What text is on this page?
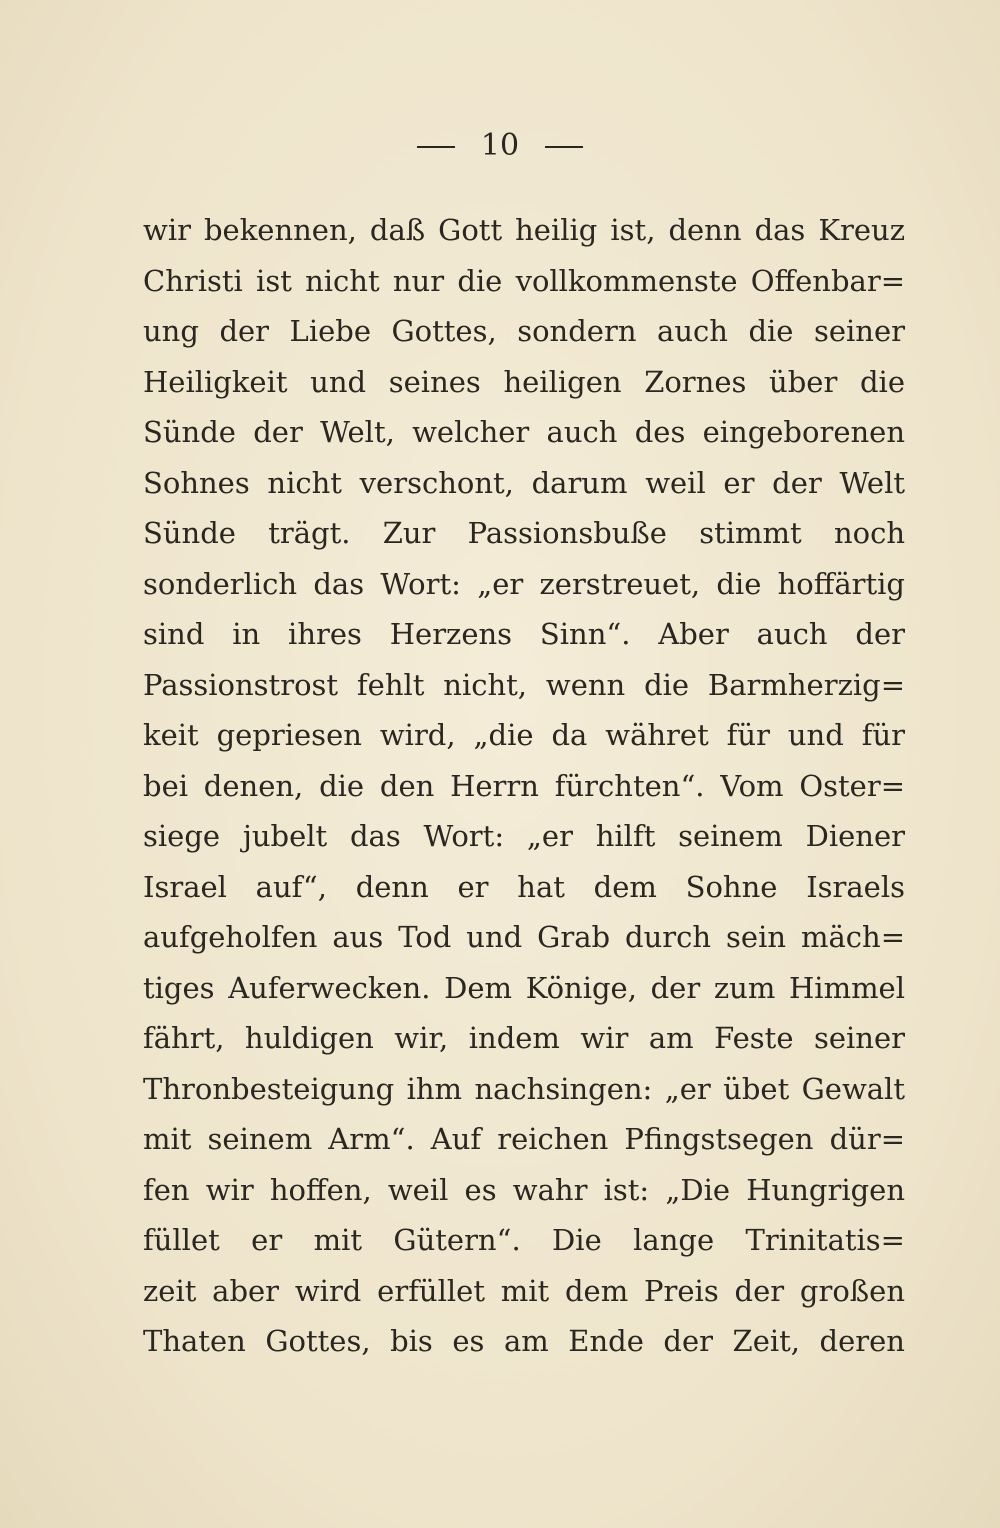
10
wir bekennen, daß Gott heilig ist, denn das Kreuz
Christi ist nicht nur die vollkommenste Offenbar=
ung der Liebe Gottes, sondern auch die seiner
Heiligkeit und seines heiligen Zornes über die
Sünde der Welt, welcher auch des eingeborenen
Sohnes nicht verschont, darum weil er der Welt
Sünde trägt. Zur Passionsbuße stimmt noch
sonderlich das Wort: „er zerstreuet, die hoffärtig
sind in ihres Herzens Sinn“. Aber auch der
Passionstrost fehlt nicht, wenn die Barmherzig=
keit gepriesen wird, „die da währet für und für
bei denen, die den Herrn fürchten“. Vom Oster=
siege jubelt das Wort: „er hilft seinem Diener
Israel auf“, denn er hat dem Sohne Israels
aufgeholfen aus Tod und Grab durch sein mäch=
tiges Auferwecken. Dem Könige, der zum Himmel
fährt, huldigen wir, indem wir am Feste seiner
Thronbesteigung ihm nachsingen: „er übet Gewalt
mit seinem Arm“. Auf reichen Pfingstsegen dür=
fen wir hoffen, weil es wahr ist: „Die Hungrigen
füllet er mit Gütern“. Die lange Trinitatis=
zeit aber wird erfüllet mit dem Preis der großen
Thaten Gottes, bis es am Ende der Zeit, deren
